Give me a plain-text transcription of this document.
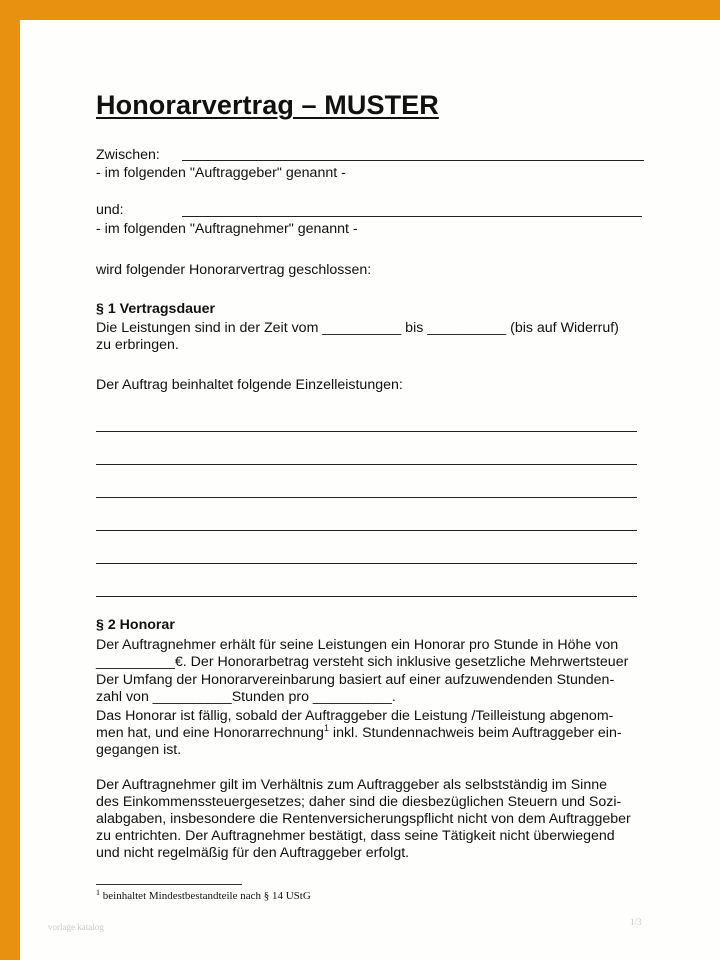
Honorarvertrag – MUSTER
Zwischen:
- im folgenden "Auftraggeber" genannt -
und:
- im folgenden "Auftragnehmer" genannt -
wird folgender Honorarvertrag geschlossen:
§ 1 Vertragsdauer
Die Leistungen sind in der Zeit vom __________ bis __________ (bis auf Widerruf)
zu erbringen.
Der Auftrag beinhaltet folgende Einzelleistungen:
§ 2 Honorar
Der Auftragnehmer erhält für seine Leistungen ein Honorar pro Stunde in Höhe von
__________€. Der Honorarbetrag versteht sich inklusive gesetzliche Mehrwertsteuer
Der Umfang der Honorarvereinbarung basiert auf einer aufzuwendenden Stunden-
zahl von __________Stunden pro __________.
Das Honorar ist fällig, sobald der Auftraggeber die Leistung /Teilleistung abgenom-
men hat, und eine Honorarrechnung$^1$ inkl. Stundennachweis beim Auftraggeber ein-
gegangen ist.
Der Auftragnehmer gilt im Verhältnis zum Auftraggeber als selbstständig im Sinne
des Einkommenssteuergesetzes; daher sind die diesbezüglichen Steuern und Sozi-
alabgaben, insbesondere die Rentenversicherungspflicht nicht von dem Auftraggeber
zu entrichten. Der Auftragnehmer bestätigt, dass seine Tätigkeit nicht überwiegend
und nicht regelmäßig für den Auftraggeber erfolgt.
$^1$ beinhaltet Mindestbestandteile nach § 14 UStG
vorlage katalog	1/3
